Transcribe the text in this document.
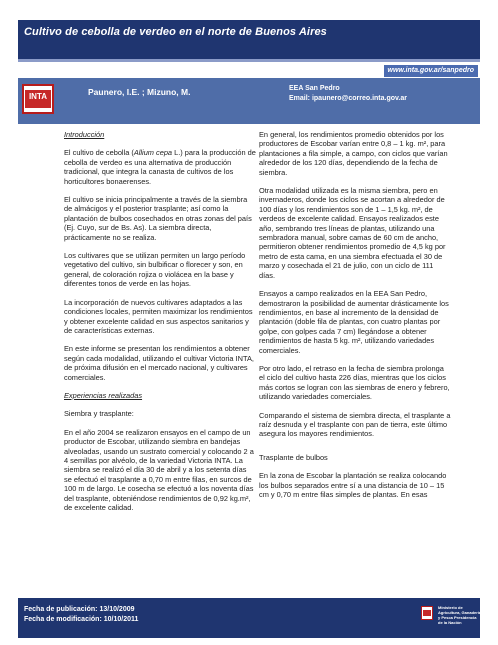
Cultivo de cebolla de verdeo en el norte de Buenos Aires
www.inta.gov.ar/sanpedro
INTA	Paunero, I.E. ; Mizuno, M.	EEA San Pedro
Email: ipaunero@correo.inta.gov.ar

Introducción

El cultivo de cebolla (Allium cepa L.) para la producción de cebolla de verdeo es una alternativa de producción tradicional, que integra la canasta de cultivos de los horticultores bonaerenses.

El cultivo se inicia principalmente a través de la siembra de almácigos y el posterior trasplante; así como la plantación de bulbos cosechados en otras zonas del país (Ej. Cuyo, sur de Bs. As). La siembra directa, prácticamente no se realiza.

Los cultivares que se utilizan permiten un largo período vegetativo del cultivo, sin bulbificar o florecer y son, en general, de coloración rojiza o violácea en la base y diferentes tonos de verde en las hojas.

La incorporación de nuevos cultivares adaptados a las condiciones locales, permiten maximizar los rendimientos y obtener excelente calidad en sus aspectos sanitarios y de características externas.

En este informe se presentan los rendimientos a obtener según cada modalidad, utilizando el cultivar Victoria INTA, de próxima difusión en el mercado nacional, y cultivares comerciales.

Experiencias realizadas

Siembra y trasplante:

En el año 2004 se realizaron ensayos en el campo de un productor de Escobar, utilizando siembra en bandejas alveoladas, usando un sustrato comercial y colocando 2 a 4 semillas por alvéolo, de la variedad Victoria INTA. La siembra se realizó el día 30 de abril y a los setenta días se efectuó el trasplante a 0,70 m entre filas, en surcos de 100 m de largo. Le cosecha se efectuó a los noventa días del trasplante, obteniéndose rendimientos de 0,92 kg.m², de excelente calidad.

En general, los rendimientos promedio obtenidos por los productores de Escobar varían entre 0,8 – 1 kg. m², para plantaciones a fila simple, a campo, con ciclos que varían alrededor de los 120 días, dependiendo de la fecha de siembra.

Otra modalidad utilizada es la misma siembra, pero en invernaderos, donde los ciclos se acortan a alrededor de 100 días y los rendimientos son de 1 – 1,5 kg. m², de verdeos de excelente calidad. Ensayos realizados este año, sembrando tres líneas de plantas, utilizando una sembradora manual, sobre camas de 60 cm de ancho, permitieron obtener rendimientos promedio de 4,5 kg por metro de esta cama, en una siembra efectuada el 30 de marzo y cosechada el 21 de julio, con un ciclo de 111 días.

Ensayos a campo realizados en la EEA San Pedro, demostraron la posibilidad de aumentar drásticamente los rendimientos, en base al incremento de la densidad de plantación (doble fila de plantas, con cuatro plantas por golpe, con golpes cada 7 cm) llegándose a obtener rendimientos de hasta 5 kg. m², utilizando variedades comerciales.

Por otro lado, el retraso en la fecha de siembra prolonga el ciclo del cultivo hasta 226 días, mientras que los ciclos más cortos se logran con las siembras de enero y febrero, utilizando variedades comerciales.

Comparando el sistema de siembra directa, el trasplante a raíz desnuda y el trasplante con pan de tierra, este último asegura los mayores rendimientos.

Trasplante de bulbos

En la zona de Escobar la plantación se realiza colocando los bulbos separados entre sí a una distancia de 10 – 15 cm y 0,70 m entre filas simples de plantas. En esas

Fecha de publicación: 13/10/2009
Fecha de modificación: 10/10/2011
Ministerio de Agricultura, Ganadería y Pesca Presidencia de la Nación
